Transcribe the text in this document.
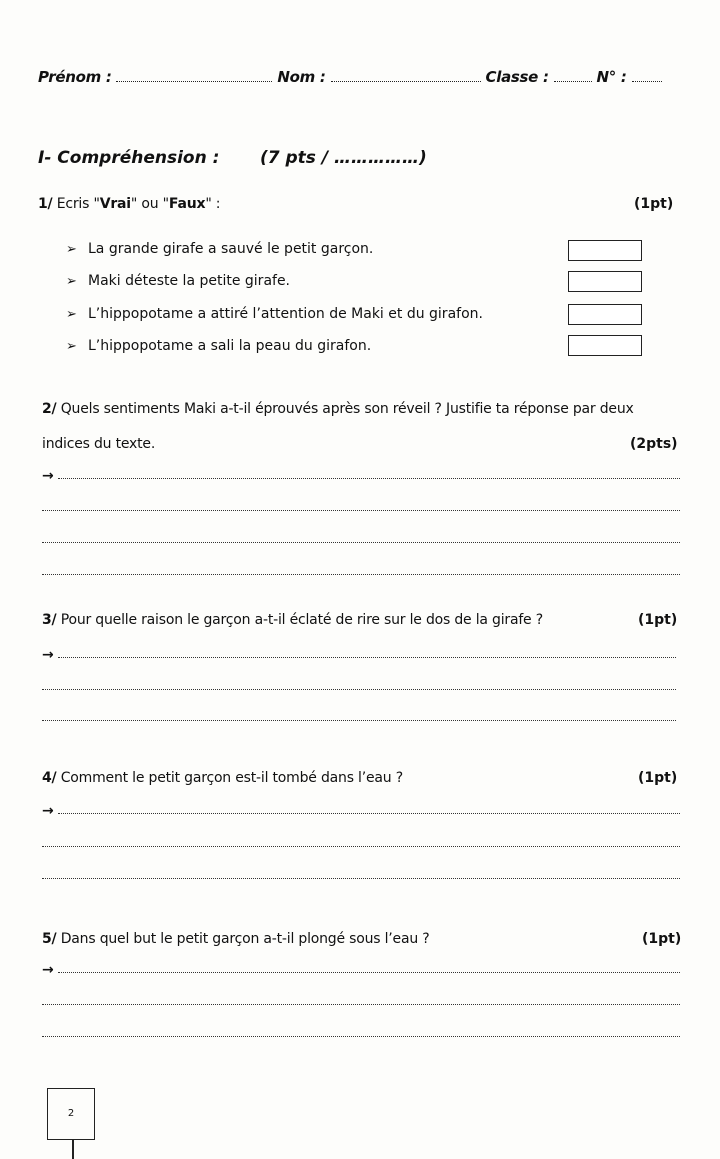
Prénom :	Nom :	Classe :	N° :
I- Compréhension : (7 pts / ……………)
1/ Ecris "Vrai" ou "Faux" :	(1pt)
➢ La grande girafe a sauvé le petit garçon.
➢ Maki déteste la petite girafe.
➢ L’hippopotame a attiré l’attention de Maki et du girafon.
➢ L’hippopotame a sali la peau du girafon.
2/ Quels sentiments Maki a-t-il éprouvés après son réveil ? Justifie ta réponse par deux
indices du texte.	(2pts)
→
3/ Pour quelle raison le garçon a-t-il éclaté de rire sur le dos de la girafe ?	(1pt)
→
4/ Comment le petit garçon est-il tombé dans l’eau ?	(1pt)
→
5/ Dans quel but le petit garçon a-t-il plongé sous l’eau ?	(1pt)
→
2
